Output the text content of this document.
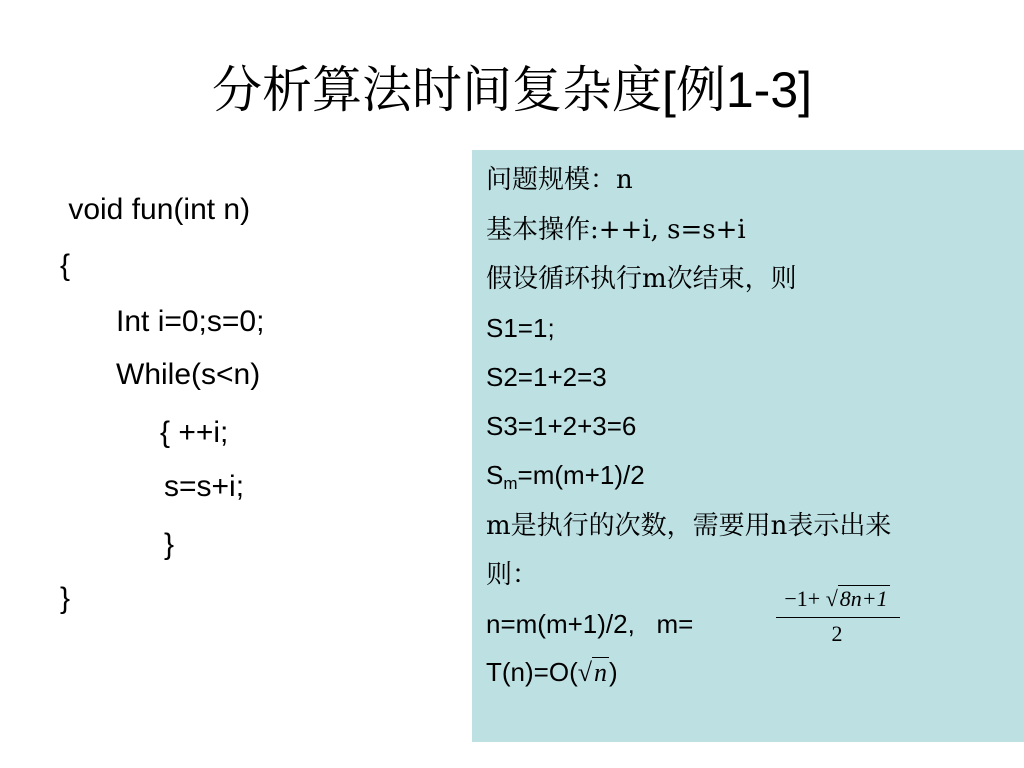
分析算法时间复杂度[例1-3]
void fun(int n)
{
Int i=0;s=0;
While(s<n)
{ ++i;
s=s+i;
}
}
问题规模：n
基本操作:++i, s=s+i
假设循环执行m次结束，则
S1=1;
S2=1+2=3
S3=1+2+3=6
$S_m=m(m+1)/2$
m是执行的次数，需要用n表示出来
则：
n=m(m+1)/2,   m=
−1+ √8n+1
2
T(n)=O(√n)
